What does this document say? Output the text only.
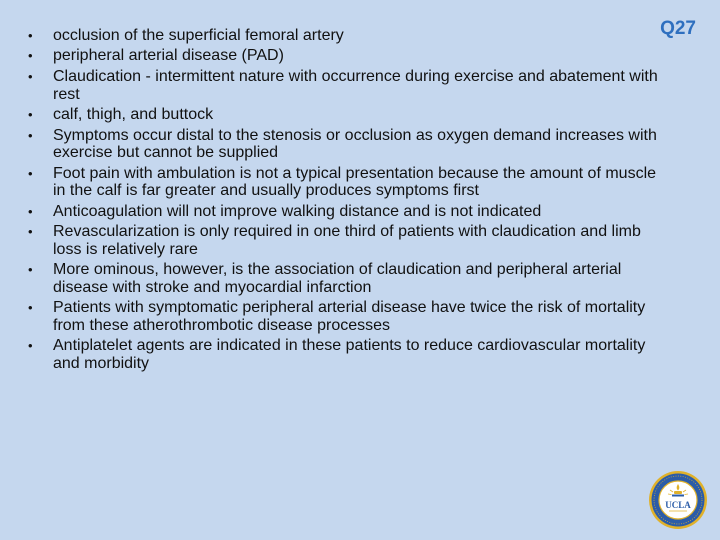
Q27
• occlusion of the superficial femoral artery
• peripheral arterial disease (PAD)
• Claudication - intermittent nature with occurrence during exercise and abatement with rest
• calf, thigh, and buttock
• Symptoms occur distal to the stenosis or occlusion as oxygen demand increases with exercise but cannot be supplied
• Foot pain with ambulation is not a typical presentation because the amount of muscle in the calf is far greater and usually produces symptoms first
• Anticoagulation will not improve walking distance and is not indicated
• Revascularization is only required in one third of patients with claudication and limb loss is relatively rare
• More ominous, however, is the association of claudication and peripheral arterial disease with stroke and myocardial infarction
• Patients with symptomatic peripheral arterial disease have twice the risk of mortality from these atherothrombotic disease processes
• Antiplatelet agents are indicated in these patients to reduce cardiovascular mortality and morbidity
UCLA
